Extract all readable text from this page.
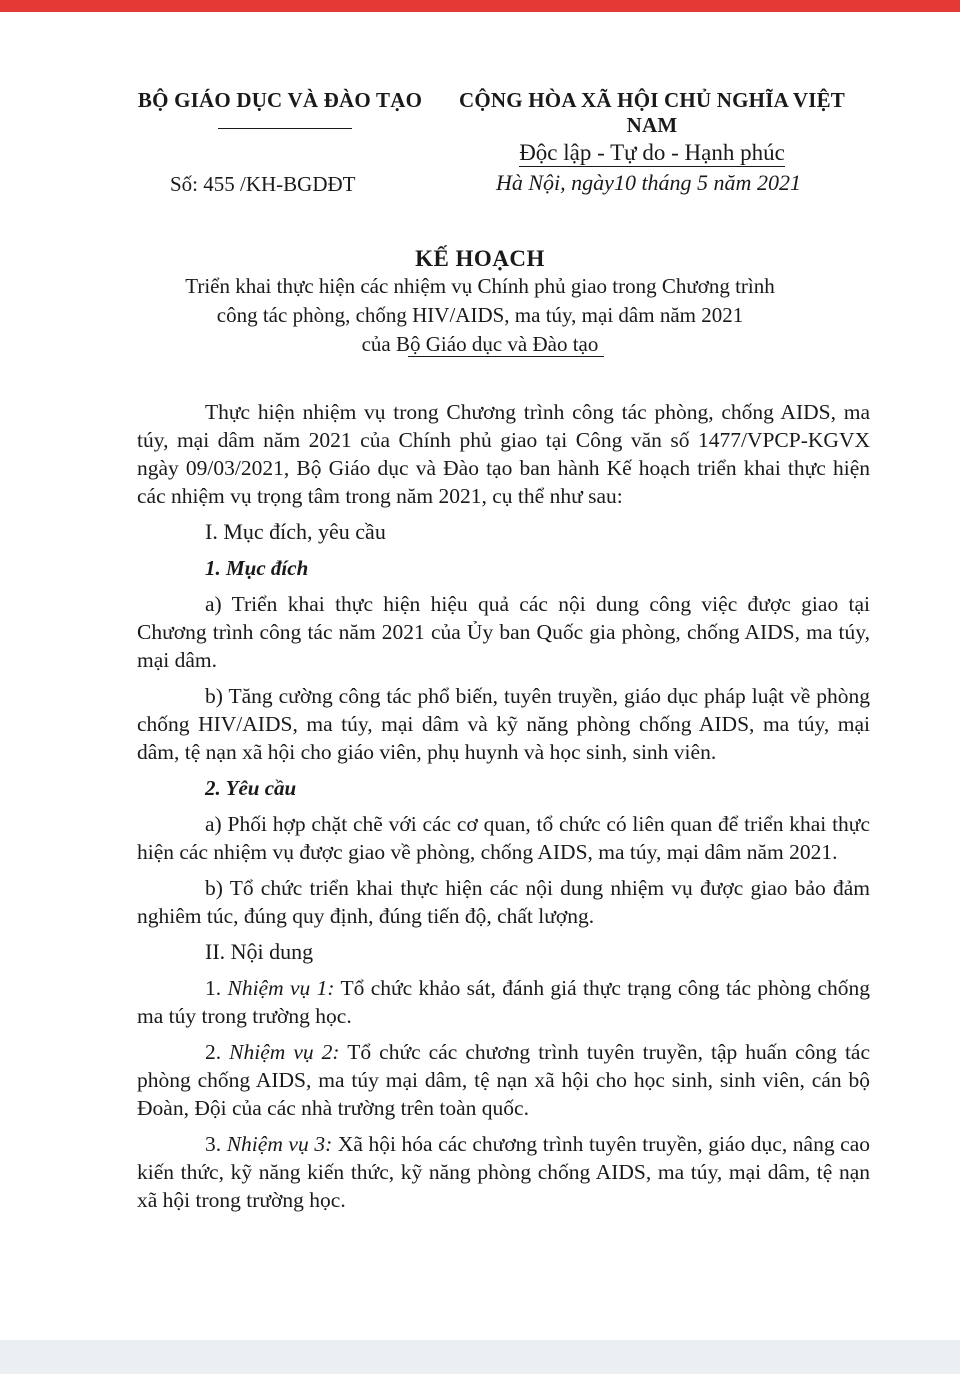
BỘ GIÁO DỤC VÀ ĐÀO TẠO	CỘNG HÒA XÃ HỘI CHỦ NGHĨA VIỆT NAM
Độc lập - Tự do - Hạnh phúc
Số: 455 /KH-BGDĐT	Hà Nội, ngày10 tháng 5 năm 2021
KẾ HOẠCH
Triển khai thực hiện các nhiệm vụ Chính phủ giao trong Chương trình
công tác phòng, chống HIV/AIDS, ma túy, mại dâm năm 2021
của Bộ Giáo dục và Đào tạo

Thực hiện nhiệm vụ trong Chương trình công tác phòng, chống AIDS, ma túy, mại dâm năm 2021 của Chính phủ giao tại Công văn số 1477/VPCP-KGVX ngày 09/03/2021, Bộ Giáo dục và Đào tạo ban hành Kế hoạch triển khai thực hiện các nhiệm vụ trọng tâm trong năm 2021, cụ thể như sau:

I. Mục đích, yêu cầu

1. Mục đích

a) Triển khai thực hiện hiệu quả các nội dung công việc được giao tại Chương trình công tác năm 2021 của Ủy ban Quốc gia phòng, chống AIDS, ma túy, mại dâm.

b) Tăng cường công tác phổ biến, tuyên truyền, giáo dục pháp luật về phòng chống HIV/AIDS, ma túy, mại dâm và kỹ năng phòng chống AIDS, ma túy, mại dâm, tệ nạn xã hội cho giáo viên, phụ huynh và học sinh, sinh viên.

2. Yêu cầu

a) Phối hợp chặt chẽ với các cơ quan, tổ chức có liên quan để triển khai thực hiện các nhiệm vụ được giao về phòng, chống AIDS, ma túy, mại dâm năm 2021.

b) Tổ chức triển khai thực hiện các nội dung nhiệm vụ được giao bảo đảm nghiêm túc, đúng quy định, đúng tiến độ, chất lượng.

II. Nội dung

1. Nhiệm vụ 1: Tổ chức khảo sát, đánh giá thực trạng công tác phòng chống ma túy trong trường học.

2. Nhiệm vụ 2: Tổ chức các chương trình tuyên truyền, tập huấn công tác phòng chống AIDS, ma túy mại dâm, tệ nạn xã hội cho học sinh, sinh viên, cán bộ Đoàn, Đội của các nhà trường trên toàn quốc.

3. Nhiệm vụ 3: Xã hội hóa các chương trình tuyên truyền, giáo dục, nâng cao kiến thức, kỹ năng kiến thức, kỹ năng phòng chống AIDS, ma túy, mại dâm, tệ nạn xã hội trong trường học.
